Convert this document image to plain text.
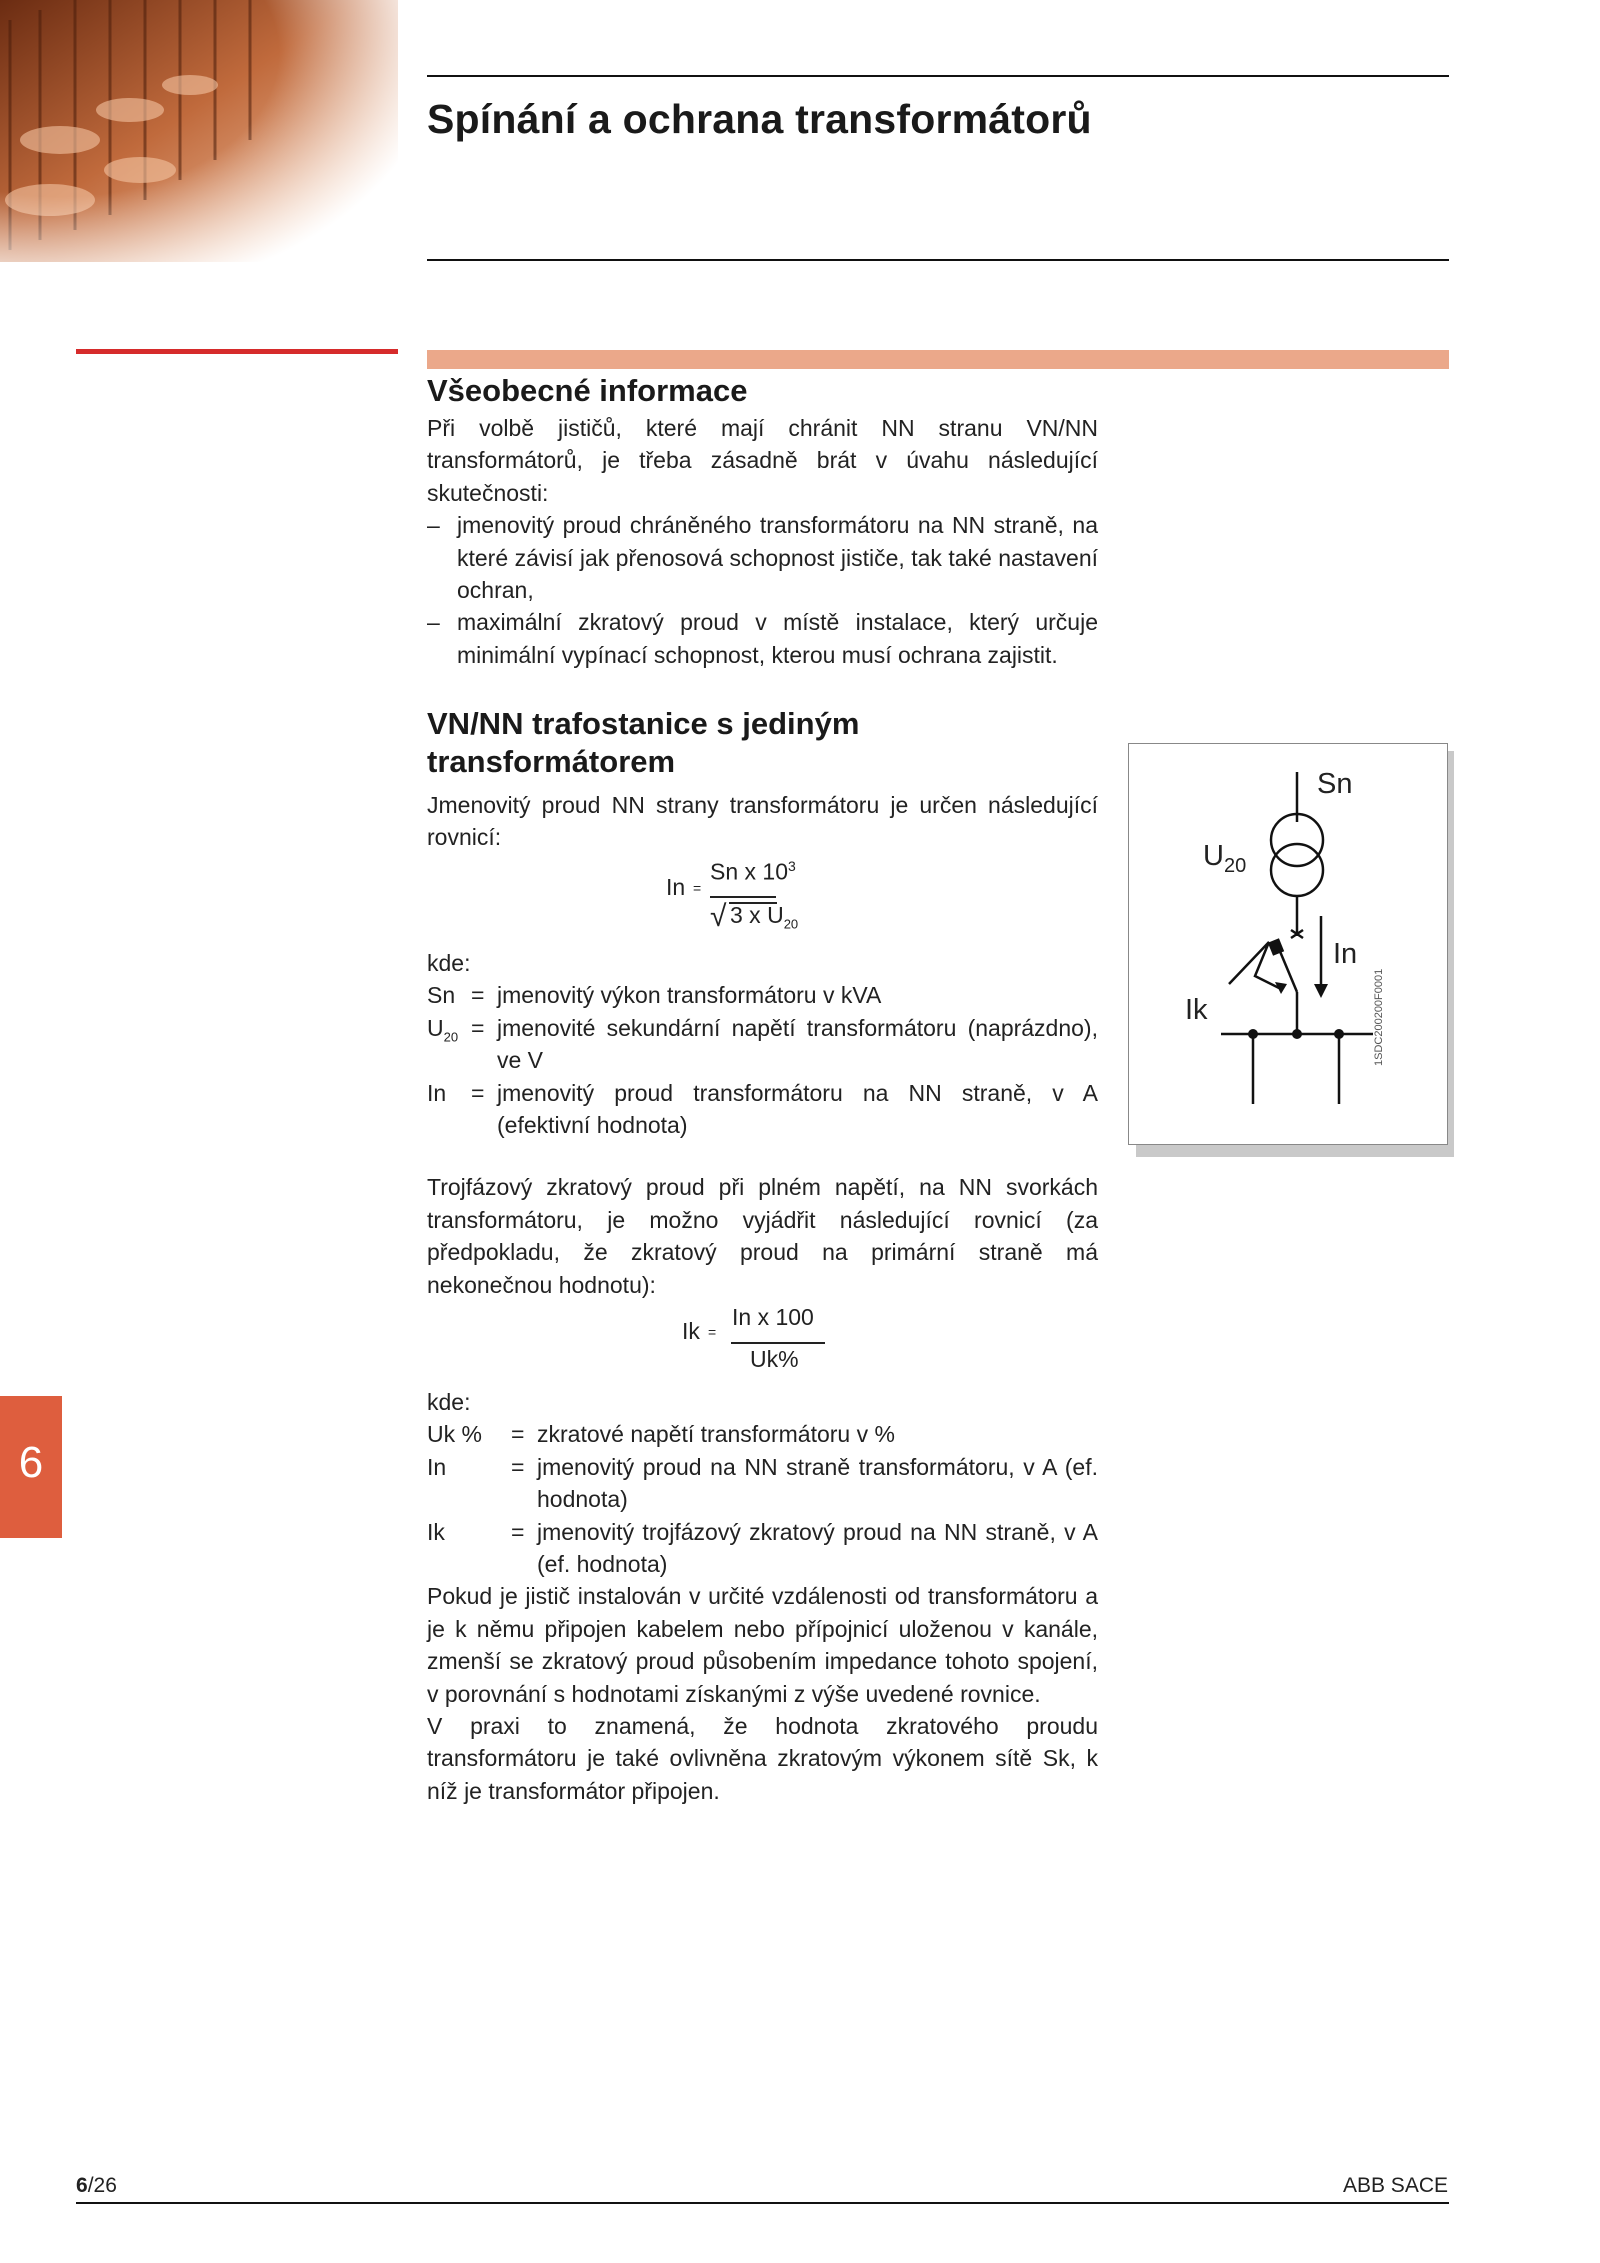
Spínání a ochrana transformátorů
Všeobecné informace

Při volbě jističů, které mají chránit NN stranu VN/NN transformátorů, je třeba zásadně brát v úvahu následující skutečnosti:

– jmenovitý proud chráněného transformátoru na NN straně, na které závisí jak přenosová schopnost jističe, tak také nastavení ochran,
– maximální zkratový proud v místě instalace, který určuje minimální vypínací schopnost, kterou musí ochrana zajistit.
VN/NN trafostanice s jediným
transformátorem

Jmenovitý proud NN strany transformátoru je určen následující rovnicí:

In =
Sn x $10^3$
√ 3 x $U_{20}$

kde:

Sn = jmenovitý výkon transformátoru v kVA
$U_{20}$ = jmenovité sekundární napětí transformátoru (naprázdno), ve V
In	= jmenovitý proud transformátoru na NN straně, v A (efektivní hodnota)

Trojfázový zkratový proud při plném napětí, na NN svorkách transformátoru, je možno vyjádřit následující rovnicí (za předpokladu, že zkratový proud na primární straně má nekonečnou hodnotu):

Ik =
In x 100
Uk%

kde:

Uk %	= zkratové napětí transformátoru v %
In	= jmenovitý proud na NN straně transformátoru, v A (ef. hodnota)
Ik	= jmenovitý trojfázový zkratový proud na NN straně, v A (ef. hodnota)

Pokud je jistič instalován v určité vzdálenosti od transformátoru a je k němu připojen kabelem nebo přípojnicí uloženou v kanále, zmenší se zkratový proud působením impedance tohoto spojení, v porovnání s hodnotami získanými z výše uvedené rovnice.

V praxi to znamená, že hodnota zkratového proudu transformátoru je také ovlivněna zkratovým výkonem sítě Sk, k níž je transformátor připojen.

Sn
$U_{20}$
In
Ik	1SDC200200F0001
6
6/26	ABB SACE
